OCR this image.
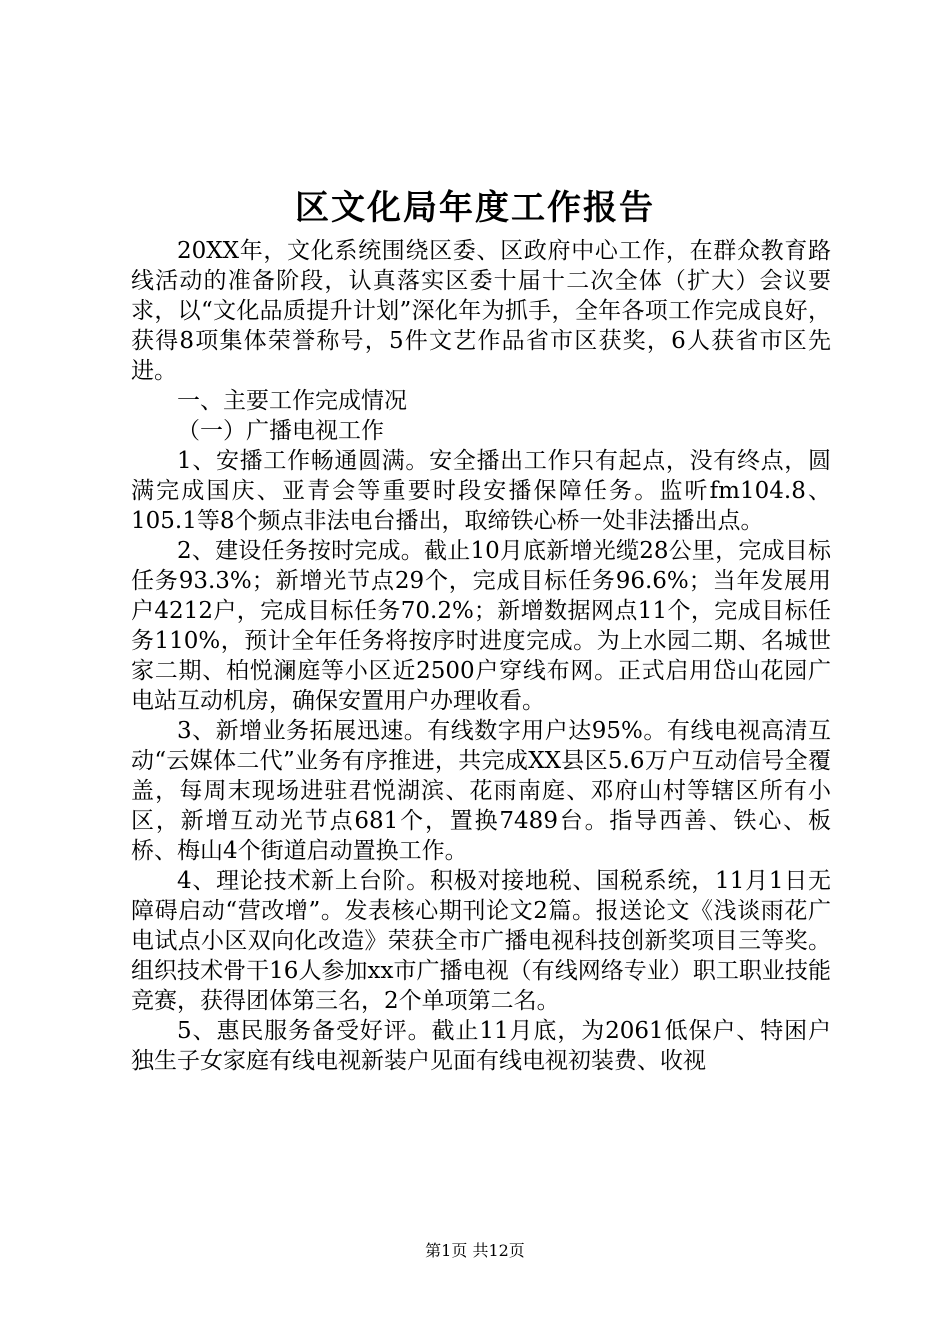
区文化局年度工作报告

20XX年，文化系统围绕区委、区政府中心工作，在群众教育路线活动的准备阶段，认真落实区委十届十二次全体（扩大）会议要求，以“文化品质提升计划”深化年为抓手，全年各项工作完成良好，获得8项集体荣誉称号，5件文艺作品省市区获奖，6人获省市区先进。

一、主要工作完成情况

（一）广播电视工作

1、安播工作畅通圆满。安全播出工作只有起点，没有终点，圆满完成国庆、亚青会等重要时段安播保障任务。监听fm104.8、105.1等8个频点非法电台播出，取缔铁心桥一处非法播出点。

2、建设任务按时完成。截止10月底新增光缆28公里，完成目标任务93.3%；新增光节点29个，完成目标任务96.6%；当年发展用户4212户，完成目标任务70.2%；新增数据网点11个，完成目标任务110%，预计全年任务将按序时进度完成。为上水园二期、名城世家二期、柏悦澜庭等小区近2500户穿线布网。正式启用岱山花园广电站互动机房，确保安置用户办理收看。

3、新增业务拓展迅速。有线数字用户达95%。有线电视高清互动“云媒体二代”业务有序推进，共完成XX县区5.6万户互动信号全覆盖，每周末现场进驻君悦湖滨、花雨南庭、邓府山村等辖区所有小区，新增互动光节点681个，置换7489台。指导西善、铁心、板桥、梅山4个街道启动置换工作。

4、理论技术新上台阶。积极对接地税、国税系统，11月1日无障碍启动“营改增”。发表核心期刊论文2篇。报送论文《浅谈雨花广电试点小区双向化改造》荣获全市广播电视科技创新奖项目三等奖。组织技术骨干16人参加xx市广播电视（有线网络专业）职工职业技能竞赛，获得团体第三名，2个单项第二名。

5、惠民服务备受好评。截止11月底，为2061低保户、特困户独生子女家庭有线电视新装户见面有线电视初装费、收视

第1页 共12页
